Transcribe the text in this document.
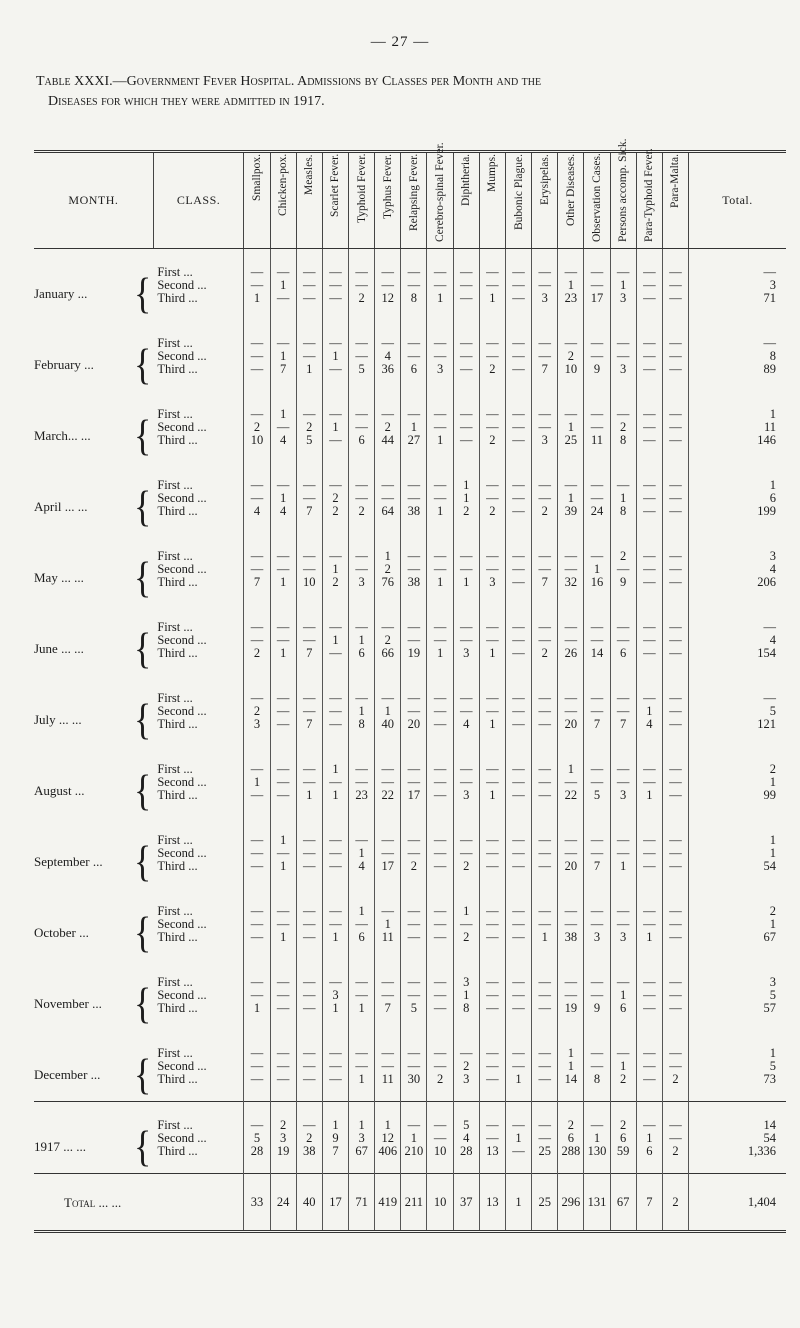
— 27 —
Table XXXI.—Government Fever Hospital. Admissions by Classes per Month and the
Diseases for which they were admitted in 1917.
MONTH.	CLASS.	Smallpox.	Chicken-pox.	Measles.	Scarlet Fever.	Typhoid Fever.	Typhus Fever.	Relapsing Fever.	Cerebro-spinal Fever.	Diphtheria.	Mumps.	Bubonic Plague.	Erysipelas.	Other Diseases.	Observation Cases.	Persons accomp. Sick.	Para-Typhoid Fever.	Para-Malta.	Total.

January ... {	First ...	—	—	—	—	—	—	—	—	—	—	—	—	—	—	—	—	—	—
	Second ...	—	1	—	—	—	—	—	—	—	—	—	—	1	—	1	—	—	3
	Third ...	1	—	—	—	2	12	8	1	—	1	—	3	23	17	3	—	—	71

February ... {	First ...	—	—	—	—	—	—	—	—	—	—	—	—	—	—	—	—	—	—
	Second ...	—	1	—	1	—	4	—	—	—	—	—	—	2	—	—	—	—	8
	Third ...	—	7	1	—	5	36	6	3	—	2	—	7	10	9	3	—	—	89

March... ... {	First ...	—	1	—	—	—	—	—	—	—	—	—	—	—	—	—	—	—	1
	Second ...	2	—	2	1	—	2	1	—	—	—	—	—	1	—	2	—	—	11
	Third ...	10	4	5	—	6	44	27	1	—	2	—	3	25	11	8	—	—	146

April ... ... {	First ...	—	—	—	—	—	—	—	—	1	—	—	—	—	—	—	—	—	1
	Second ...	—	1	—	2	—	—	—	—	1	—	—	—	1	—	1	—	—	6
	Third ...	4	4	7	2	2	64	38	1	2	2	—	2	39	24	8	—	—	199

May ... ... {	First ...	—	—	—	—	—	1	—	—	—	—	—	—	—	—	2	—	—	3
	Second ...	—	—	—	1	—	2	—	—	—	—	—	—	—	1	—	—	—	4
	Third ...	7	1	10	2	3	76	38	1	1	3	—	7	32	16	9	—	—	206

June ... ... {	First ...	—	—	—	—	—	—	—	—	—	—	—	—	—	—	—	—	—	—
	Second ...	—	—	—	1	1	2	—	—	—	—	—	—	—	—	—	—	—	4
	Third ...	2	1	7	—	6	66	19	1	3	1	—	2	26	14	6	—	—	154

July ... ... {	First ...	—	—	—	—	—	—	—	—	—	—	—	—	—	—	—	—	—	—
	Second ...	2	—	—	—	1	1	—	—	—	—	—	—	—	—	—	1	—	5
	Third ...	3	—	7	—	8	40	20	—	4	1	—	—	20	7	7	4	—	121

August ... {	First ...	—	—	—	1	—	—	—	—	—	—	—	—	1	—	—	—	—	2
	Second ...	1	—	—	—	—	—	—	—	—	—	—	—	—	—	—	—	—	1
	Third ...	—	—	1	1	23	22	17	—	3	1	—	—	22	5	3	1	—	99

September ... {	First ...	—	1	—	—	—	—	—	—	—	—	—	—	—	—	—	—	—	1
	Second ...	—	—	—	—	1	—	—	—	—	—	—	—	—	—	—	—	—	1
	Third ...	—	1	—	—	4	17	2	—	2	—	—	—	20	7	1	—	—	54

October ... {	First ...	—	—	—	—	1	—	—	—	1	—	—	—	—	—	—	—	—	2
	Second ...	—	—	—	—	—	1	—	—	—	—	—	—	—	—	—	—	—	1
	Third ...	—	1	—	1	6	11	—	—	2	—	—	1	38	3	3	1	—	67

November ... {	First ...	—	—	—	—	—	—	—	—	3	—	—	—	—	—	—	—	—	3
	Second ...	—	—	—	3	—	—	—	—	1	—	—	—	—	—	1	—	—	5
	Third ...	1	—	—	1	1	7	5	—	8	—	—	—	19	9	6	—	—	57

December ... {	First ...	—	—	—	—	—	—	—	—	—	—	—	—	1	—	—	—	—	1
	Second ...	—	—	—	—	—	—	—	—	2	—	—	—	1	—	1	—	—	5
	Third ...	—	—	—	—	1	11	30	2	3	—	1	—	14	8	2	—	2	73

1917 ... ... {	First ...	—	2	—	1	1	1	—	—	5	—	—	—	2	—	2	—	—	14
	Second ...	5	3	2	9	3	12	1	—	4	—	1	—	6	1	6	1	—	54
	Third ...	28	19	38	7	67	406	210	10	28	13	—	25	288	130	59	6	2	1,336
Total ... ...		33	24	40	17	71	419	211	10	37	13	1	25	296	131	67	7	2	1,404
